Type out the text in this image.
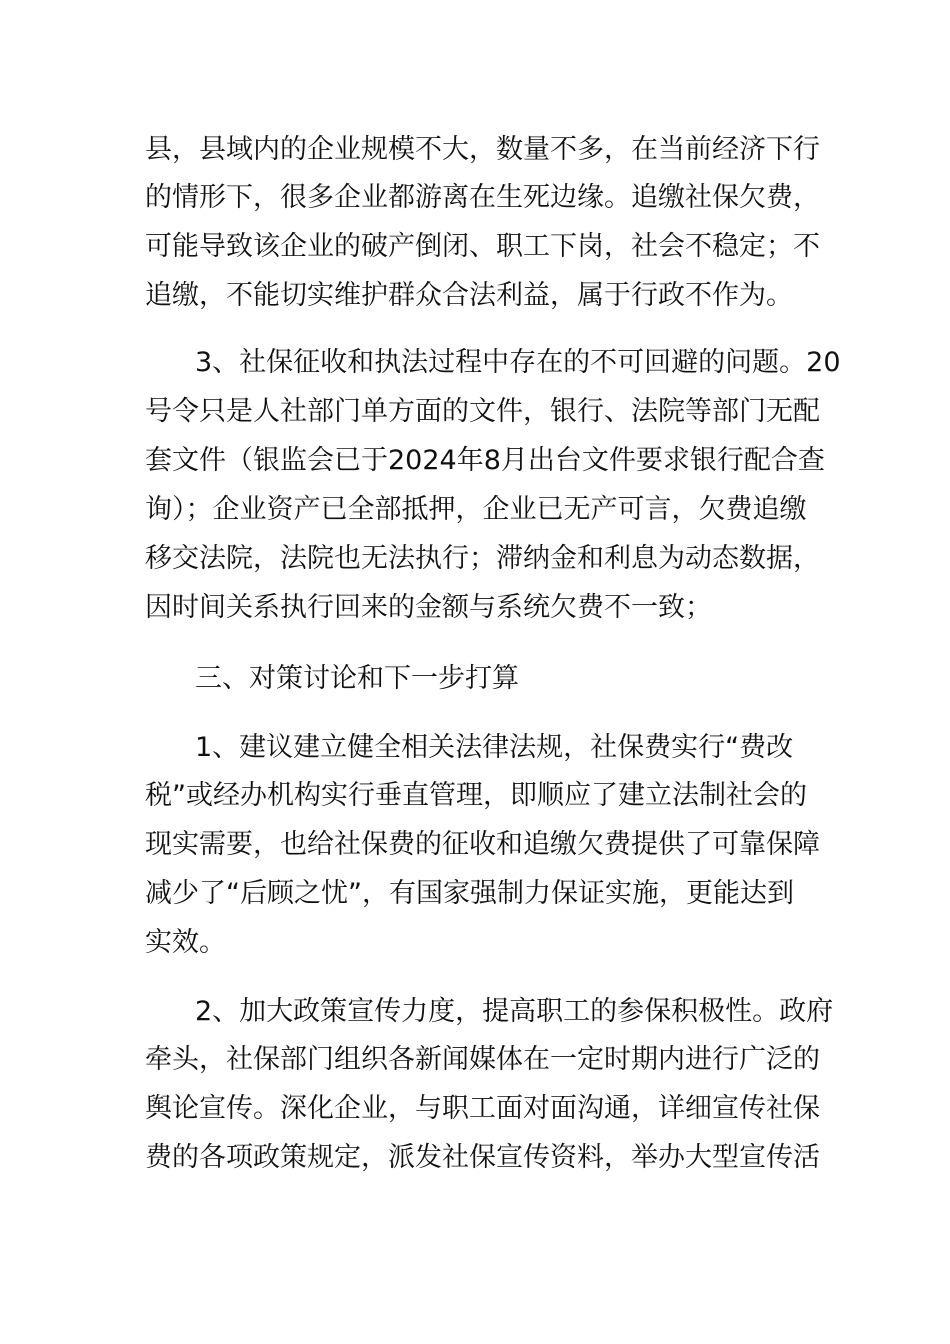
县，县域内的企业规模不大，数量不多，在当前经济下行
的情形下，很多企业都游离在生死边缘。追缴社保欠费，
可能导致该企业的破产倒闭、职工下岗，社会不稳定；不
追缴，不能切实维护群众合法利益，属于行政不作为。
3、社保征收和执法过程中存在的不可回避的问题。20
号令只是人社部门单方面的文件，银行、法院等部门无配
套文件（银监会已于2024年8月出台文件要求银行配合查
询）；企业资产已全部抵押，企业已无产可言，欠费追缴
移交法院，法院也无法执行；滞纳金和利息为动态数据，
因时间关系执行回来的金额与系统欠费不一致；
三、对策讨论和下一步打算
1、建议建立健全相关法律法规，社保费实行“费改
税”或经办机构实行垂直管理，即顺应了建立法制社会的
现实需要，也给社保费的征收和追缴欠费提供了可靠保障
减少了“后顾之忧”，有国家强制力保证实施，更能达到
实效。
2、加大政策宣传力度，提高职工的参保积极性。政府
牵头，社保部门组织各新闻媒体在一定时期内进行广泛的
舆论宣传。深化企业，与职工面对面沟通，详细宣传社保
费的各项政策规定，派发社保宣传资料，举办大型宣传活
